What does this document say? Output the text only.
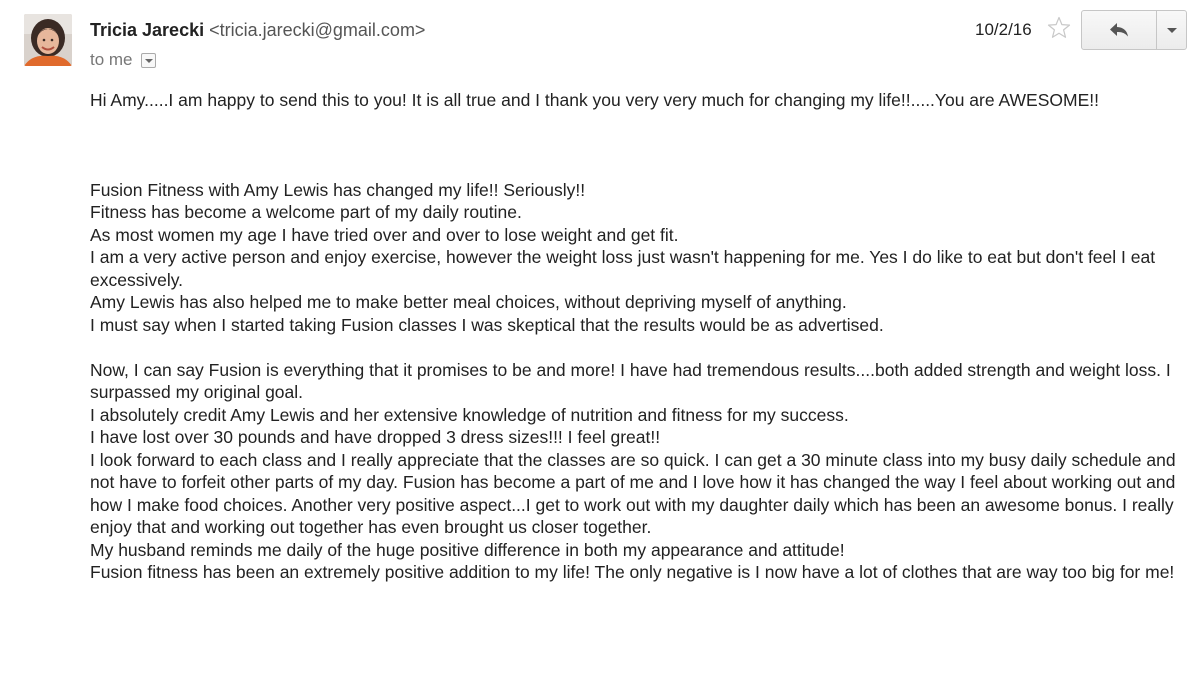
Tricia Jarecki <tricia.jarecki@gmail.com>
to me
10/2/16

Hi Amy.....I am happy to send this to you! It is all true and I thank you very very much for changing my life!!.....You are AWESOME!!

Fusion Fitness with Amy Lewis has changed my life!! Seriously!!

Fitness has become a welcome part of my daily routine.

As most women my age I have tried over and over to lose weight and get fit.

I am a very active person and enjoy exercise, however the weight loss just wasn't happening for me. Yes I do like to eat but don't feel I eat excessively.

Amy Lewis has also helped me to make better meal choices, without depriving myself of anything.

I must say when I started taking Fusion classes I was skeptical that the results would be as advertised.

Now, I can say Fusion is everything that it promises to be and more! I have had tremendous results....both added strength and weight loss. I surpassed my original goal.

I absolutely credit Amy Lewis and her extensive knowledge of nutrition and fitness for my success.

I have lost over 30 pounds and have dropped 3 dress sizes!!! I feel great!!

I look forward to each class and I really appreciate that the classes are so quick. I can get a 30 minute class into my busy daily schedule and not have to forfeit other parts of my day. Fusion has become a part of me and I love how it has changed the way I feel about working out and how I make food choices. Another very positive aspect...I get to work out with my daughter daily which has been an awesome bonus. I really enjoy that and working out together has even brought us closer together.

My husband reminds me daily of the huge positive difference in both my appearance and attitude!

Fusion fitness has been an extremely positive addition to my life! The only negative is I now have a lot of clothes that are way too big for me!
